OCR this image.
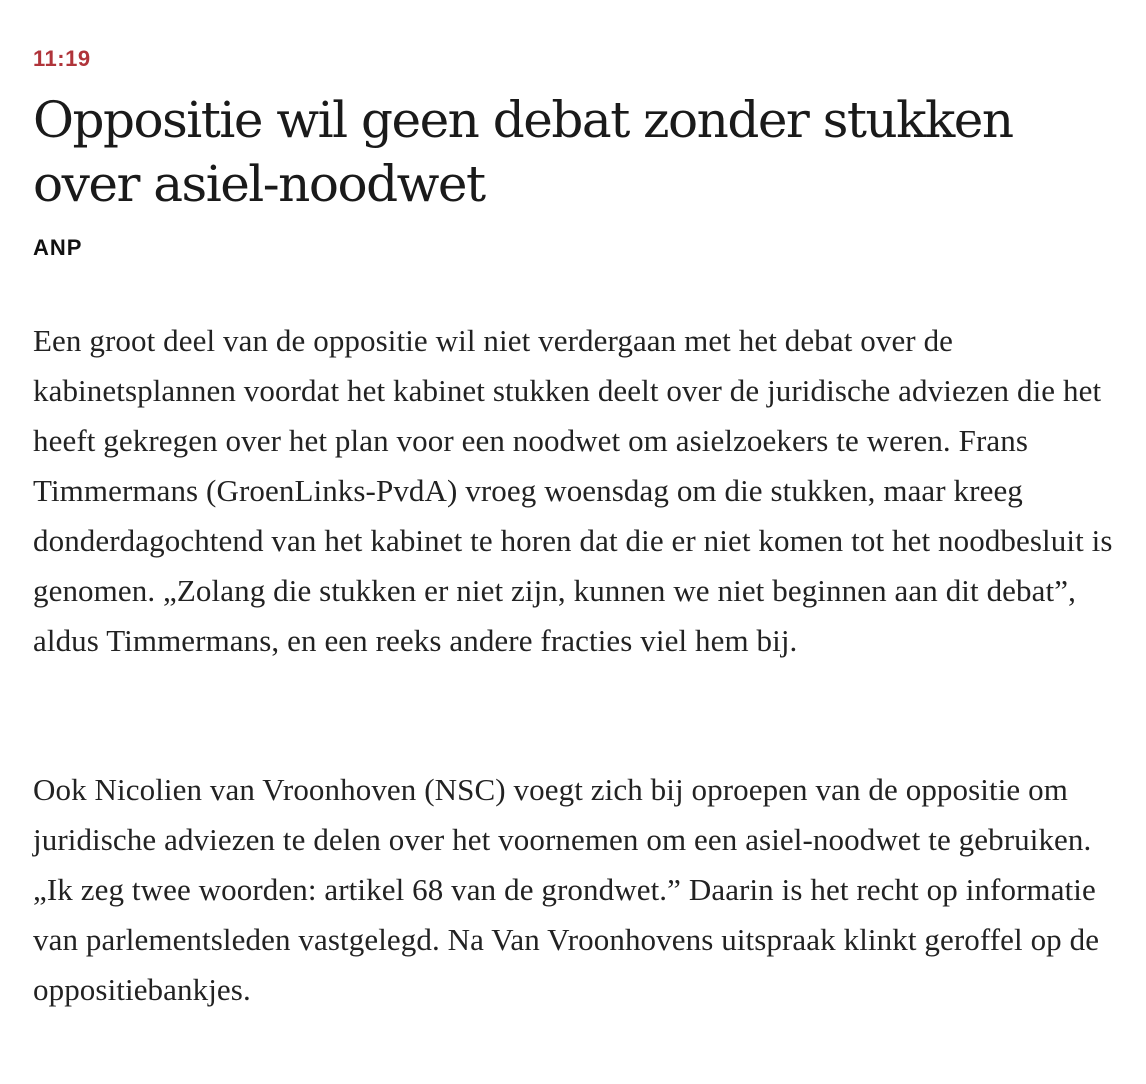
11:19
Oppositie wil geen debat zonder stukken over asiel-noodwet
ANP

Een groot deel van de oppositie wil niet verdergaan met het debat over de kabinetsplannen voordat het kabinet stukken deelt over de juridische adviezen die het heeft gekregen over het plan voor een noodwet om asielzoekers te weren. Frans Timmermans (GroenLinks-PvdA) vroeg woensdag om die stukken, maar kreeg donderdagochtend van het kabinet te horen dat die er niet komen tot het noodbesluit is genomen. „Zolang die stukken er niet zijn, kunnen we niet beginnen aan dit debat”, aldus Timmermans, en een reeks andere fracties viel hem bij.

Ook Nicolien van Vroonhoven (NSC) voegt zich bij oproepen van de oppositie om juridische adviezen te delen over het voornemen om een asiel-noodwet te gebruiken. „Ik zeg twee woorden: artikel 68 van de grondwet.” Daarin is het recht op informatie van parlementsleden vastgelegd. Na Van Vroonhovens uitspraak klinkt geroffel op de oppositiebankjes.
